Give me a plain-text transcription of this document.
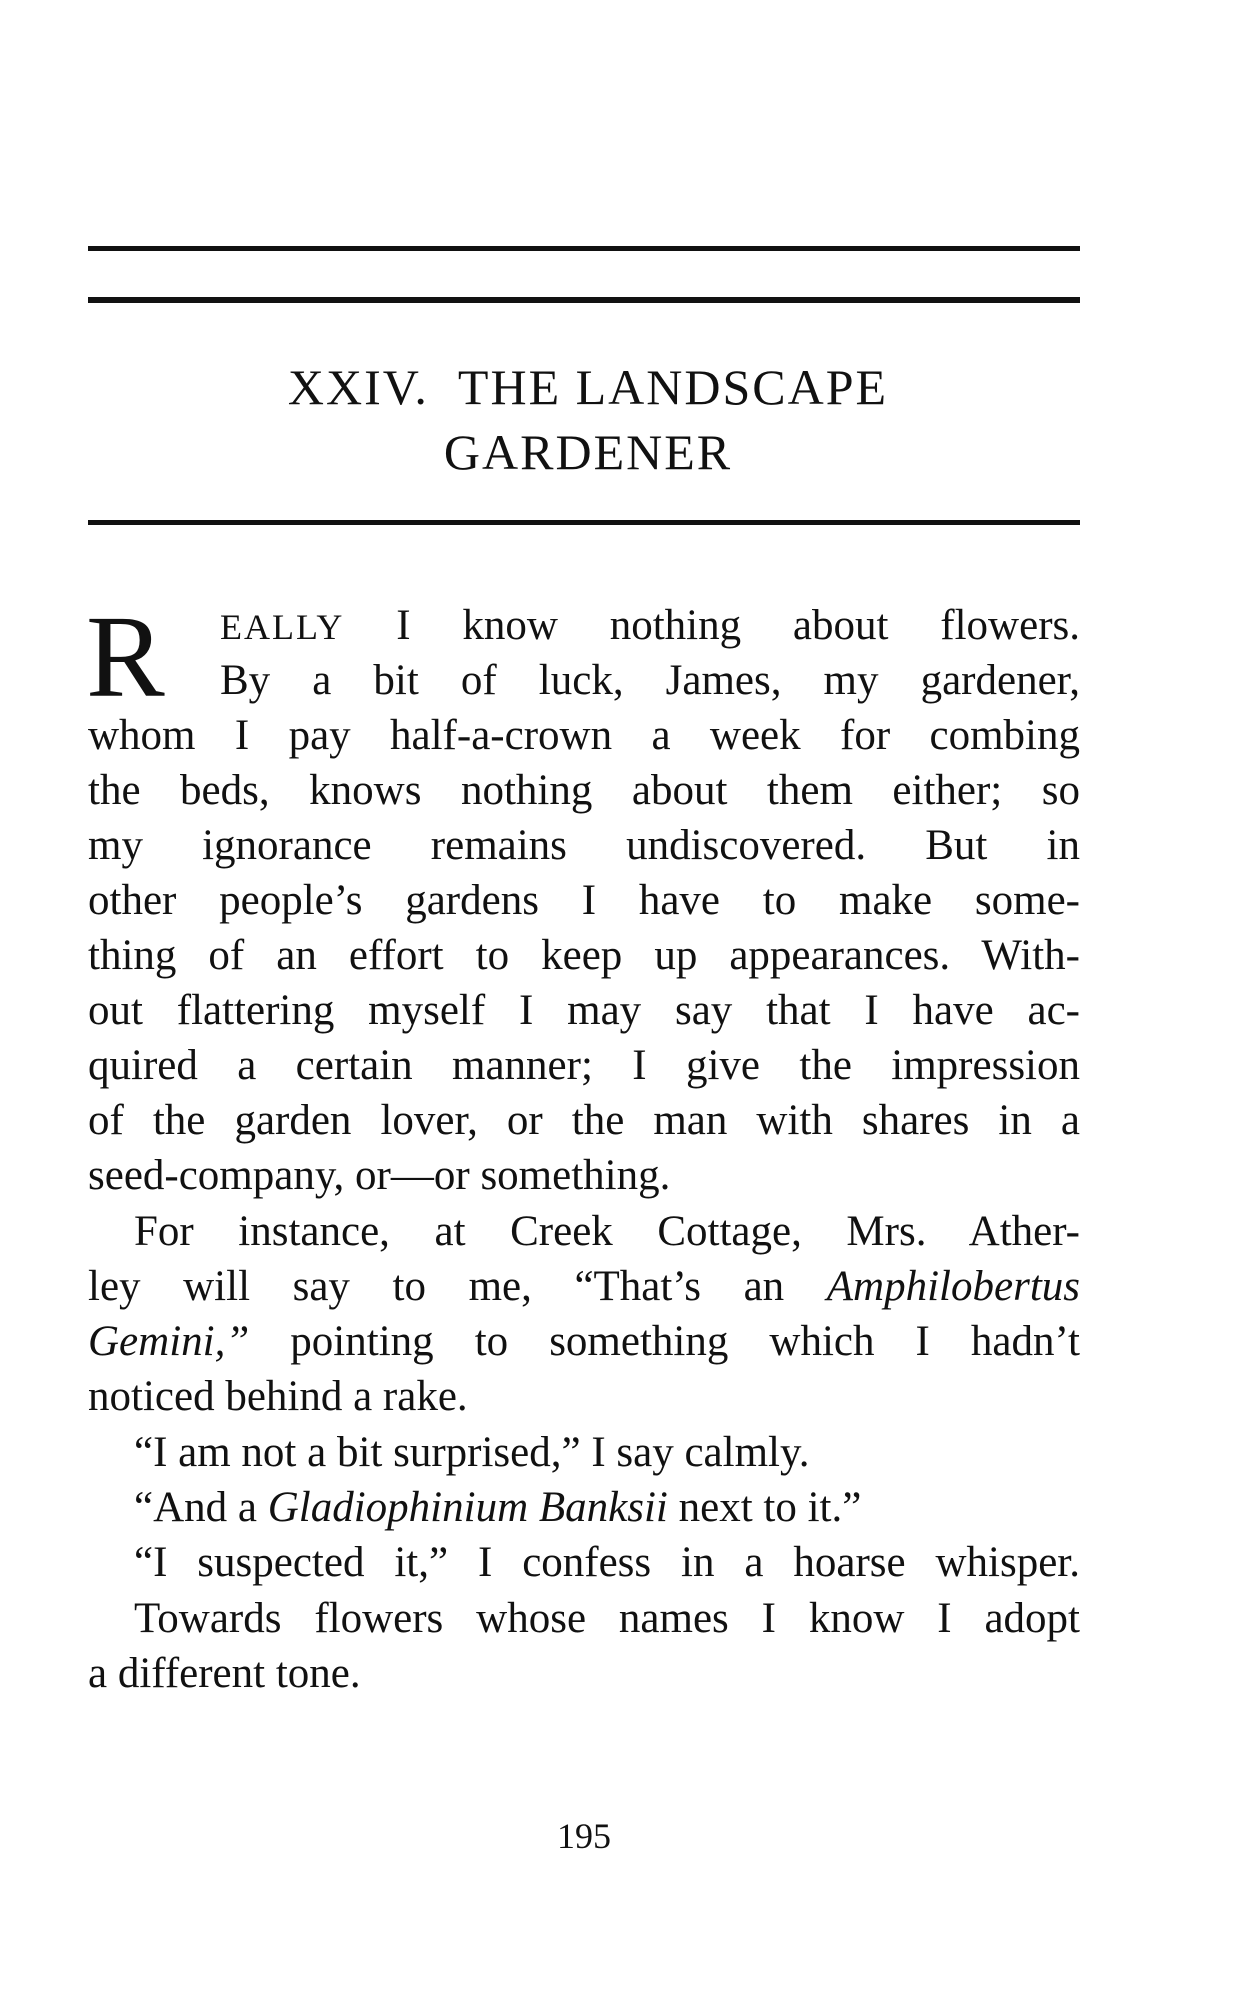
XXIV. THE LANDSCAPE
GARDENER

R EALLY I know nothing about flowers.

By a bit of luck, James, my gardener,

whom I pay half-a-crown a week for combing

the beds, knows nothing about them either; so

my ignorance remains undiscovered. But in

other people’s gardens I have to make some-

thing of an effort to keep up appearances. With-

out flattering myself I may say that I have ac-

quired a certain manner; I give the impression

of the garden lover, or the man with shares in a

seed-company, or—or something.

For instance, at Creek Cottage, Mrs. Ather-

ley will say to me, “That’s an Amphilobertus

Gemini,” pointing to something which I hadn’t

noticed behind a rake.

“I am not a bit surprised,” I say calmly.

“And a Gladiophinium Banksii next to it.”

“I suspected it,” I confess in a hoarse whisper.

Towards flowers whose names I know I adopt

a different tone.

195
